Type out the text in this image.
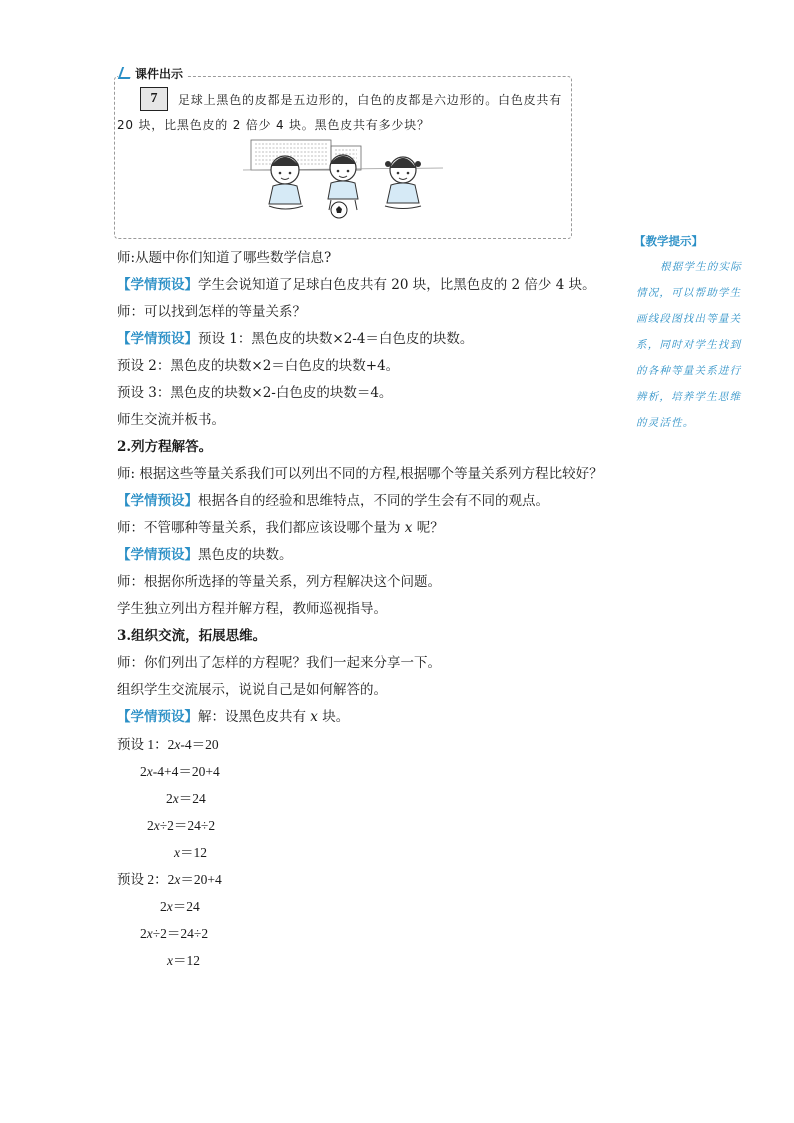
课件出示
7	足球上黑色的皮都是五边形的，白色的皮都是六边形的。白色皮共有
20 块，比黑色皮的 2 倍少 4 块。黑色皮共有多少块？
师:从题中你们知道了哪些数学信息?
【学情预设】学生会说知道了足球白色皮共有 20 块，比黑色皮的 2 倍少 4 块。
师：可以找到怎样的等量关系？
【学情预设】预设 1：黑色皮的块数×2-4＝白色皮的块数。
预设 2：黑色皮的块数×2＝白色皮的块数+4。
预设 3：黑色皮的块数×2-白色皮的块数＝4。
师生交流并板书。
2.列方程解答。
师: 根据这些等量关系我们可以列出不同的方程,根据哪个等量关系列方程比较好？
【学情预设】根据各自的经验和思维特点，不同的学生会有不同的观点。
师：不管哪种等量关系，我们都应该设哪个量为 x 呢？
【学情预设】黑色皮的块数。
师：根据你所选择的等量关系，列方程解决这个问题。
学生独立列出方程并解方程，教师巡视指导。
3.组织交流，拓展思维。
师：你们列出了怎样的方程呢？我们一起来分享一下。
组织学生交流展示，说说自己是如何解答的。
【学情预设】解：设黑色皮共有 x 块。
预设 1：2x-4＝20
2x-4+4＝20+4
2x＝24
2x÷2＝24÷2
x＝12
预设 2：2x＝20+4
2x＝24
2x÷2＝24÷2
x＝12
【教学提示】
根据学生的实际
情况，可以帮助学生
画线段图找出等量关
系，同时对学生找到
的各种等量关系进行
辨析，培养学生思维
的灵活性。
